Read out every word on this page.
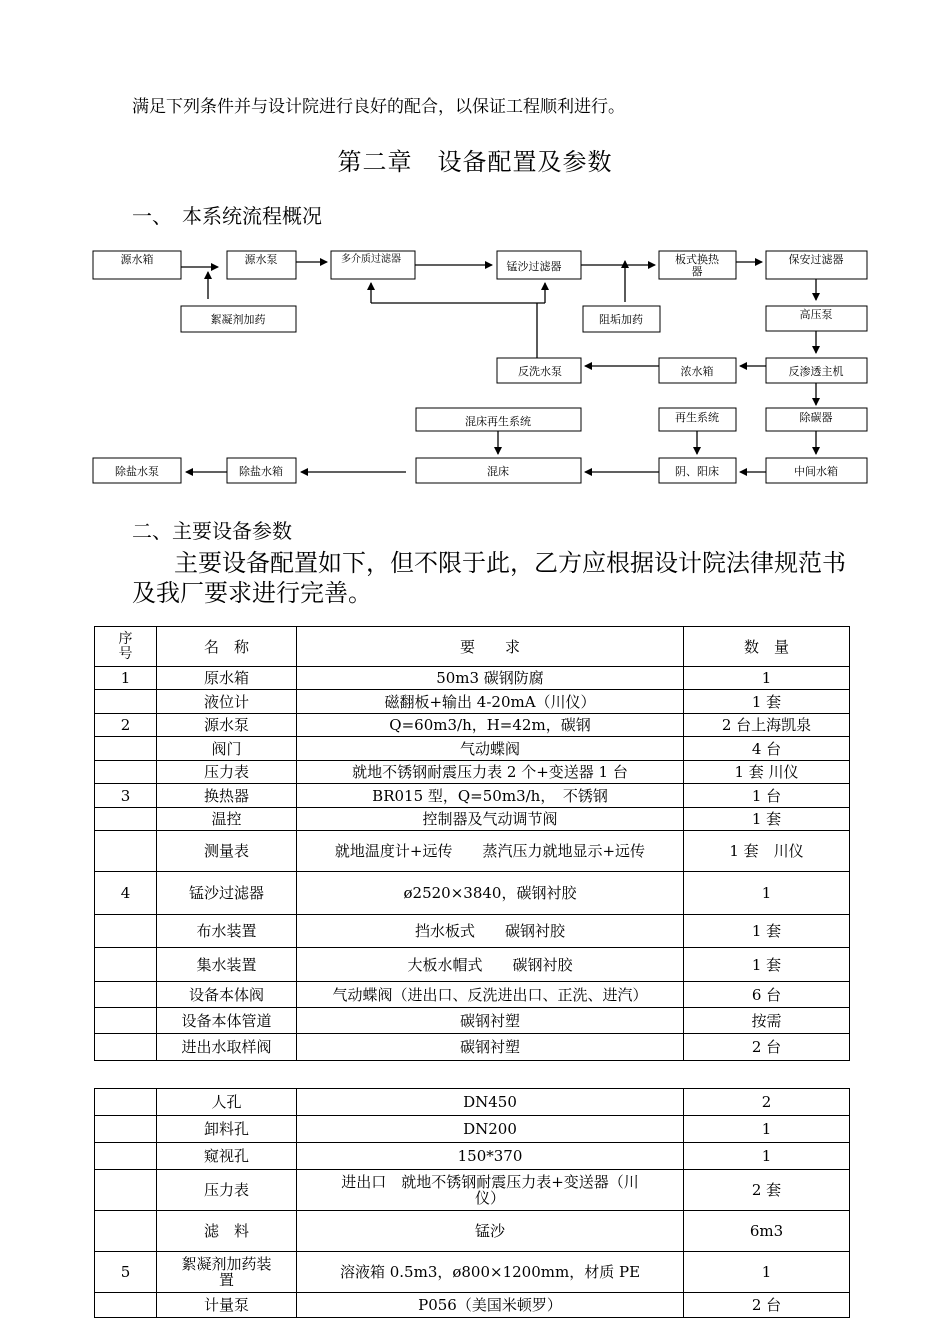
满足下列条件并与设计院进行良好的配合，以保证工程顺利进行。
第二章　设备配置及参数
一、　本系统流程概况
源水箱	源水泵	多介质过滤器
锰沙过滤器
板式换热
器
保安过滤器
絮凝剂加药	阻垢加药	高压泵
反洗水泵	浓水箱	反渗透主机
混床再生系统	再生系统	除碳器
除盐水泵	除盐水箱	混床	阴、阳床	中间水箱
二、主要设备参数
主要设备配置如下，但不限于此，乙方应根据设计院法律规范书及我厂要求进行完善。
序
号	名　称	要　　求	数　量
1	原水箱	50m3 碳钢防腐	1
	液位计	磁翻板+输出 4-20mA（川仪）	1 套
2	源水泵	Q=60m3/h，H=42m，碳钢	2 台上海凯泉
	阀门	气动蝶阀	4 台
	压力表	就地不锈钢耐震压力表 2 个+变送器 1 台	1 套 川仪
3	换热器	BR015 型，Q=50m3/h，　不锈钢	1 台
	温控	控制器及气动调节阀	1 套
	测量表	就地温度计+远传　　蒸汽压力就地显示+远传	1 套　川仪
4	锰沙过滤器	ø2520×3840，碳钢衬胶	1
	布水装置	挡水板式　　碳钢衬胶	1 套
	集水装置	大板水帽式　　碳钢衬胶	1 套
	设备本体阀	气动蝶阀（进出口、反洗进出口、正洗、进汽）	6 台
	设备本体管道	碳钢衬塑	按需
	进出水取样阀	碳钢衬塑	2 台
	人孔	DN450	2
	卸料孔	DN200	1
	窥视孔	150*370	1
	压力表	进出口　就地不锈钢耐震压力表+变送器（川
仪）	2 套
	滤　料	锰沙	6m3
5	絮凝剂加药装
置	溶液箱 0.5m3，ø800×1200mm，材质 PE	1
	计量泵	P056（美国米顿罗）	2 台
